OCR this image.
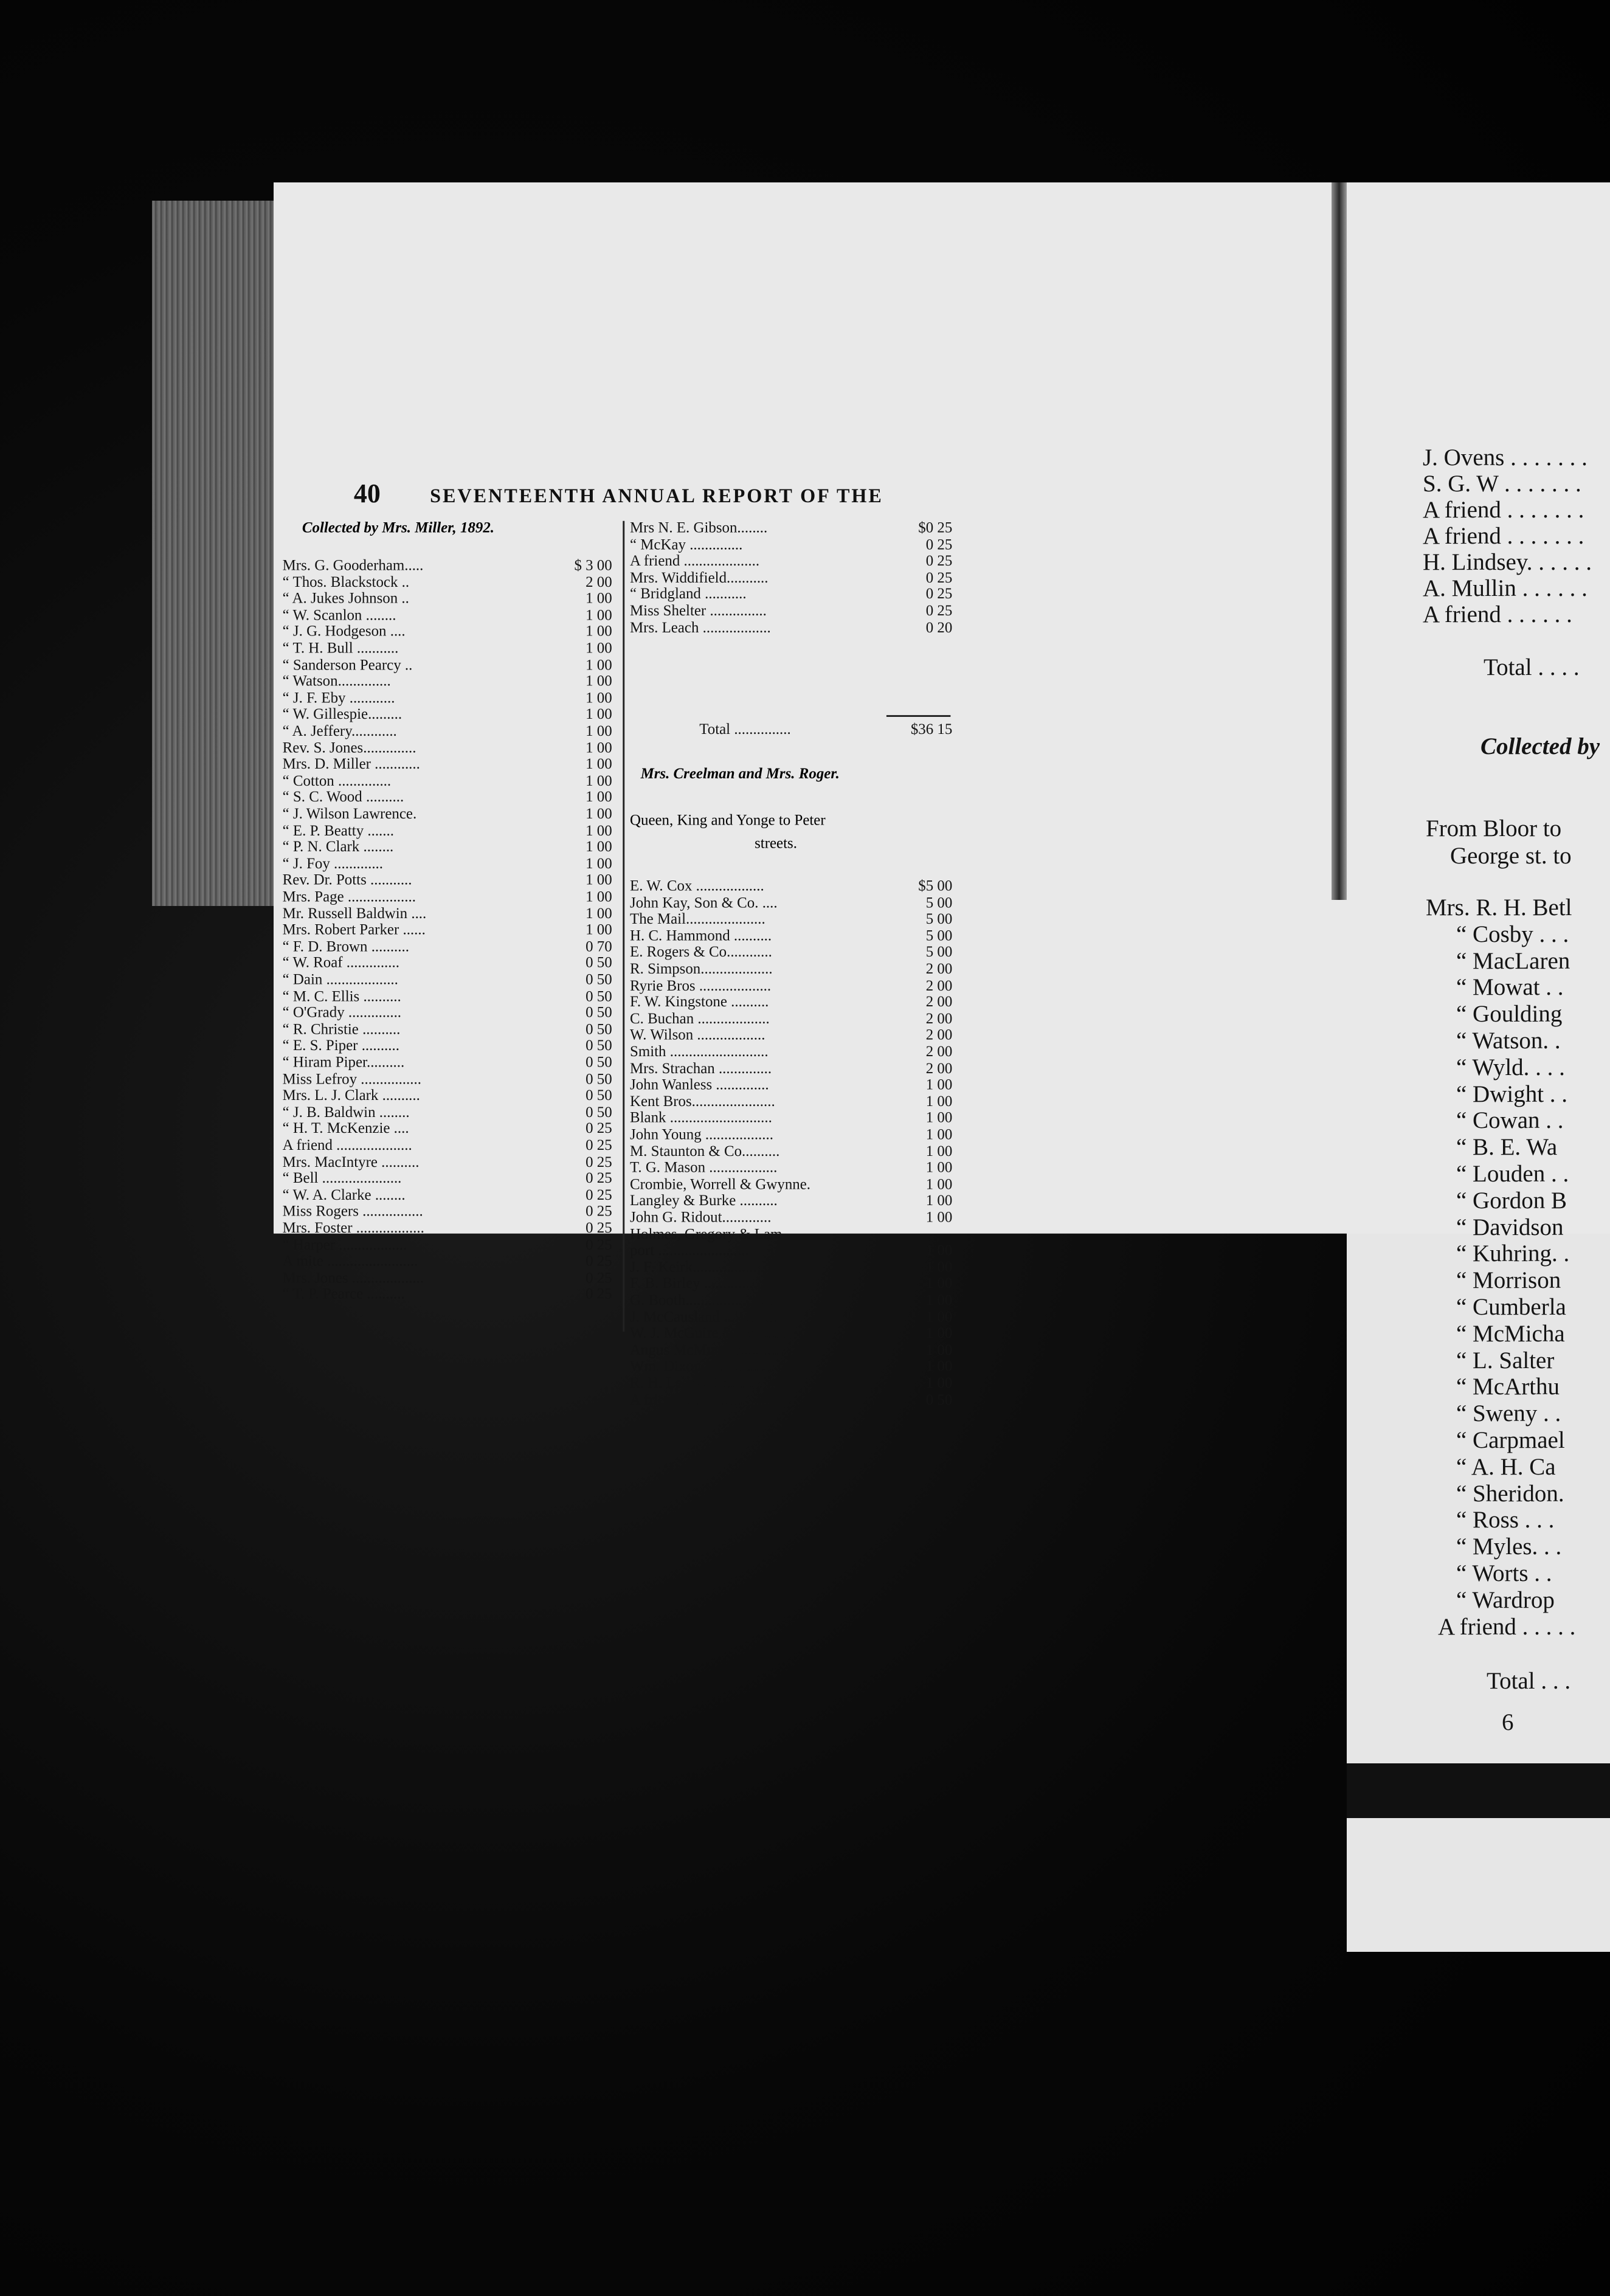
40	SEVENTEENTH ANNUAL REPORT OF THE
Collected by Mrs. Miller, 1892.
Mrs. G. Gooderham.....	$ 3 00
“ Thos. Blackstock ..	2 00
“ A. Jukes Johnson ..	1 00
“ W. Scanlon ........	1 00
“ J. G. Hodgeson ....	1 00
“ T. H. Bull ...........	1 00
“ Sanderson Pearcy ..	1 00
“ Watson..............	1 00
“ J. F. Eby ............	1 00
“ W. Gillespie.........	1 00
“ A. Jeffery............	1 00
Rev. S. Jones..............	1 00
Mrs. D. Miller ............	1 00
“ Cotton ..............	1 00
“ S. C. Wood ..........	1 00
“ J. Wilson Lawrence.	1 00
“ E. P. Beatty .......	1 00
“ P. N. Clark ........	1 00
“ J. Foy .............	1 00
Rev. Dr. Potts ...........	1 00
Mrs. Page ..................	1 00
Mr. Russell Baldwin ....	1 00
Mrs. Robert Parker ......	1 00
“ F. D. Brown ..........	0 70
“ W. Roaf ..............	0 50
“ Dain ...................	0 50
“ M. C. Ellis ..........	0 50
“ O'Grady ..............	0 50
“ R. Christie ..........	0 50
“ E. S. Piper ..........	0 50
“ Hiram Piper..........	0 50
Miss Lefroy ................	0 50
Mrs. L. J. Clark ..........	0 50
“ J. B. Baldwin ........	0 50
“ H. T. McKenzie ....	0 25
A friend ....................	0 25
Mrs. MacIntyre ..........	0 25
“ Bell .....................	0 25
“ W. A. Clarke ........	0 25
Miss Rogers ................	0 25
Mrs. Foster ..................	0 25
“ Harper ..................	0 25
A mite ........................	0 25
Mrs. Jones ...................	0 25
“ T. P. Pearce ..........	0 25
Mrs N. E. Gibson........	$0 25
“ McKay ..............	0 25
A friend ....................	0 25
Mrs. Widdifield...........	0 25
“ Bridgland ...........	0 25
Miss Shelter ...............	0 25
Mrs. Leach ..................	0 20
Total ...............	$36 15
Mrs. Creelman and Mrs. Roger.
Queen, King and Yonge to Peter
streets.
E. W. Cox ..................	$5 00
John Kay, Son & Co. ....	5 00
The Mail.....................	5 00
H. C. Hammond ..........	5 00
E. Rogers & Co............	5 00
R. Simpson...................	2 00
Ryrie Bros ...................	2 00
F. W. Kingstone ..........	2 00
C. Buchan ...................	2 00
W. Wilson ..................	2 00
Smith ..........................	2 00
Mrs. Strachan ..............	2 00
John Wanless ..............	1 00
Kent Bros......................	1 00
Blank ...........................	1 00
John Young ..................	1 00
M. Staunton & Co..........	1 00
T. G. Mason ..................	1 00
Crombie, Worrell & Gwynne.	1 00
Langley & Burke ..........	1 00
John G. Ridout.............	1 00
Holmes, Gregory & Lam-
port ........................	1 00
J. F. Keirk....................	1 00
F. B. Birley ..................	1 00
G. Booth........................	1 00
J. McCausland ..............	1 00
W. J. McGuire & Co. ......	1 00
Angus McMurchy............	1 00
Wm. Dixon ..................	1 00
R. H. Lear & Co. ..........	1 00
A friend .......................	0 50
J. Ovens . . . . . . .
S. G. W . . . . . . .
A friend . . . . . . .
A friend . . . . . . .
H. Lindsey. . . . . .
A. Mullin . . . . . .
A friend . . . . . .
Total . . . .
Collected by
From Bloor to
George st. to
Mrs. R. H. Betl
“ Cosby . . .
“ MacLaren
“ Mowat . .
“ Goulding
“ Watson. .
“ Wyld. . . .
“ Dwight . .
“ Cowan . .
“ B. E. Wa
“ Louden . .
“ Gordon B
“ Davidson
“ Kuhring. .
“ Morrison
“ Cumberla
“ McMicha
“ L. Salter
“ McArthu
“ Sweny . .
“ Carpmael
“ A. H. Ca
“ Sheridon.
“ Ross . . .
“ Myles. . .
“ Worts . .
“ Wardrop
A friend . . . . .
Total . . .
6
